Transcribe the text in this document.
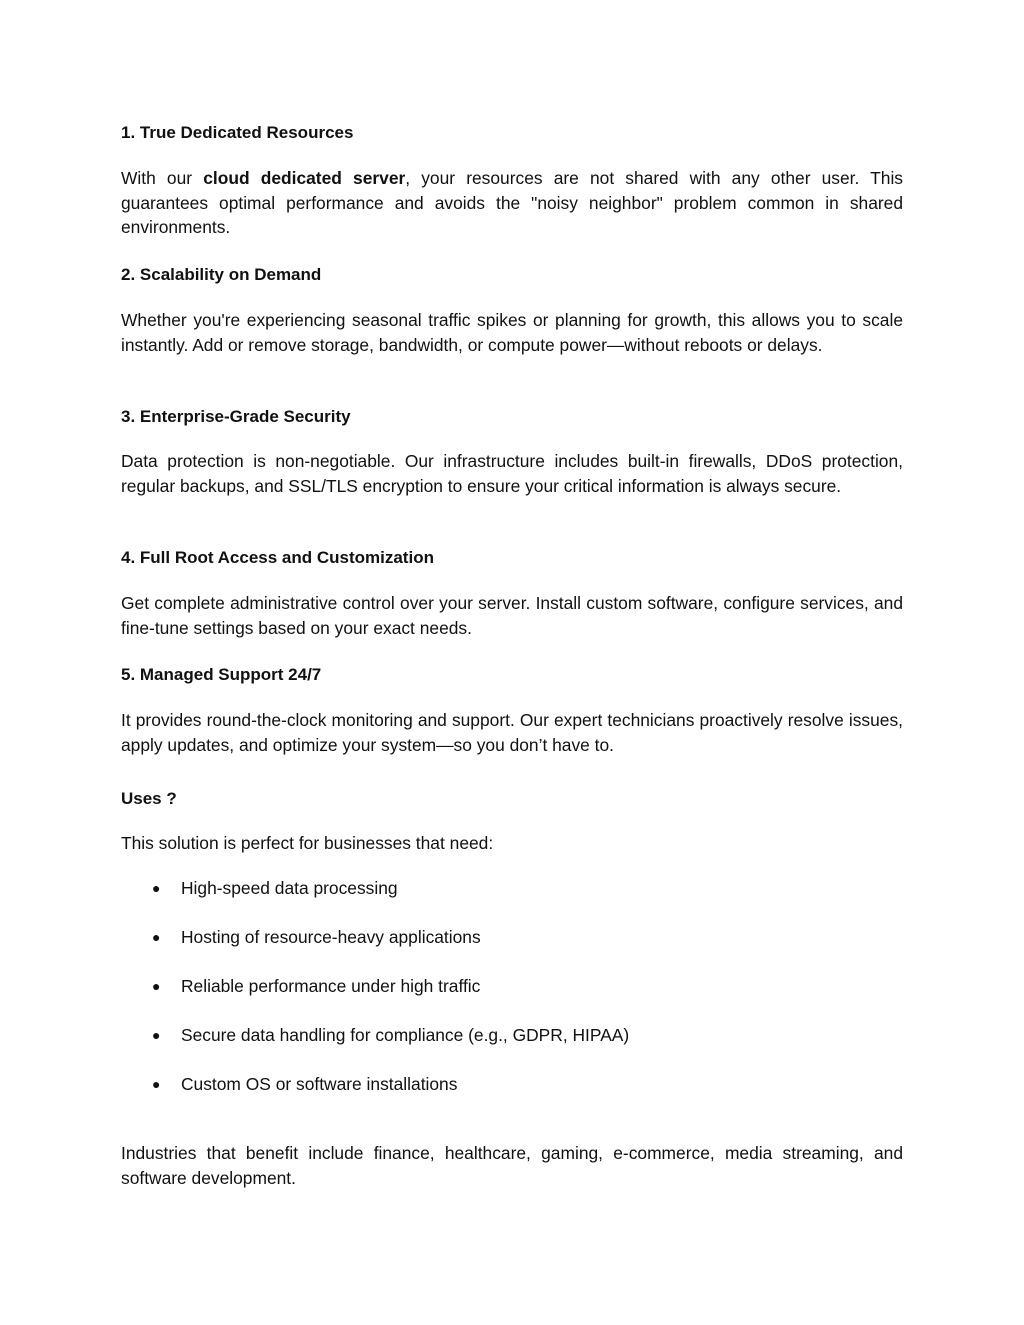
1. True Dedicated Resources

With our cloud dedicated server, your resources are not shared with any other user. This guarantees optimal performance and avoids the "noisy neighbor" problem common in shared environments.

2. Scalability on Demand

Whether you're experiencing seasonal traffic spikes or planning for growth, this allows you to scale instantly. Add or remove storage, bandwidth, or compute power—without reboots or delays.

3. Enterprise-Grade Security

Data protection is non-negotiable. Our infrastructure includes built-in firewalls, DDoS protection, regular backups, and SSL/TLS encryption to ensure your critical information is always secure.

4. Full Root Access and Customization

Get complete administrative control over your server. Install custom software, configure services, and fine-tune settings based on your exact needs.

5. Managed Support 24/7

It provides round-the-clock monitoring and support. Our expert technicians proactively resolve issues, apply updates, and optimize your system—so you don’t have to.

Uses ?

This solution is perfect for businesses that need:

● High-speed data processing
● Hosting of resource-heavy applications
● Reliable performance under high traffic
● Secure data handling for compliance (e.g., GDPR, HIPAA)
● Custom OS or software installations

Industries that benefit include finance, healthcare, gaming, e-commerce, media streaming, and software development.
